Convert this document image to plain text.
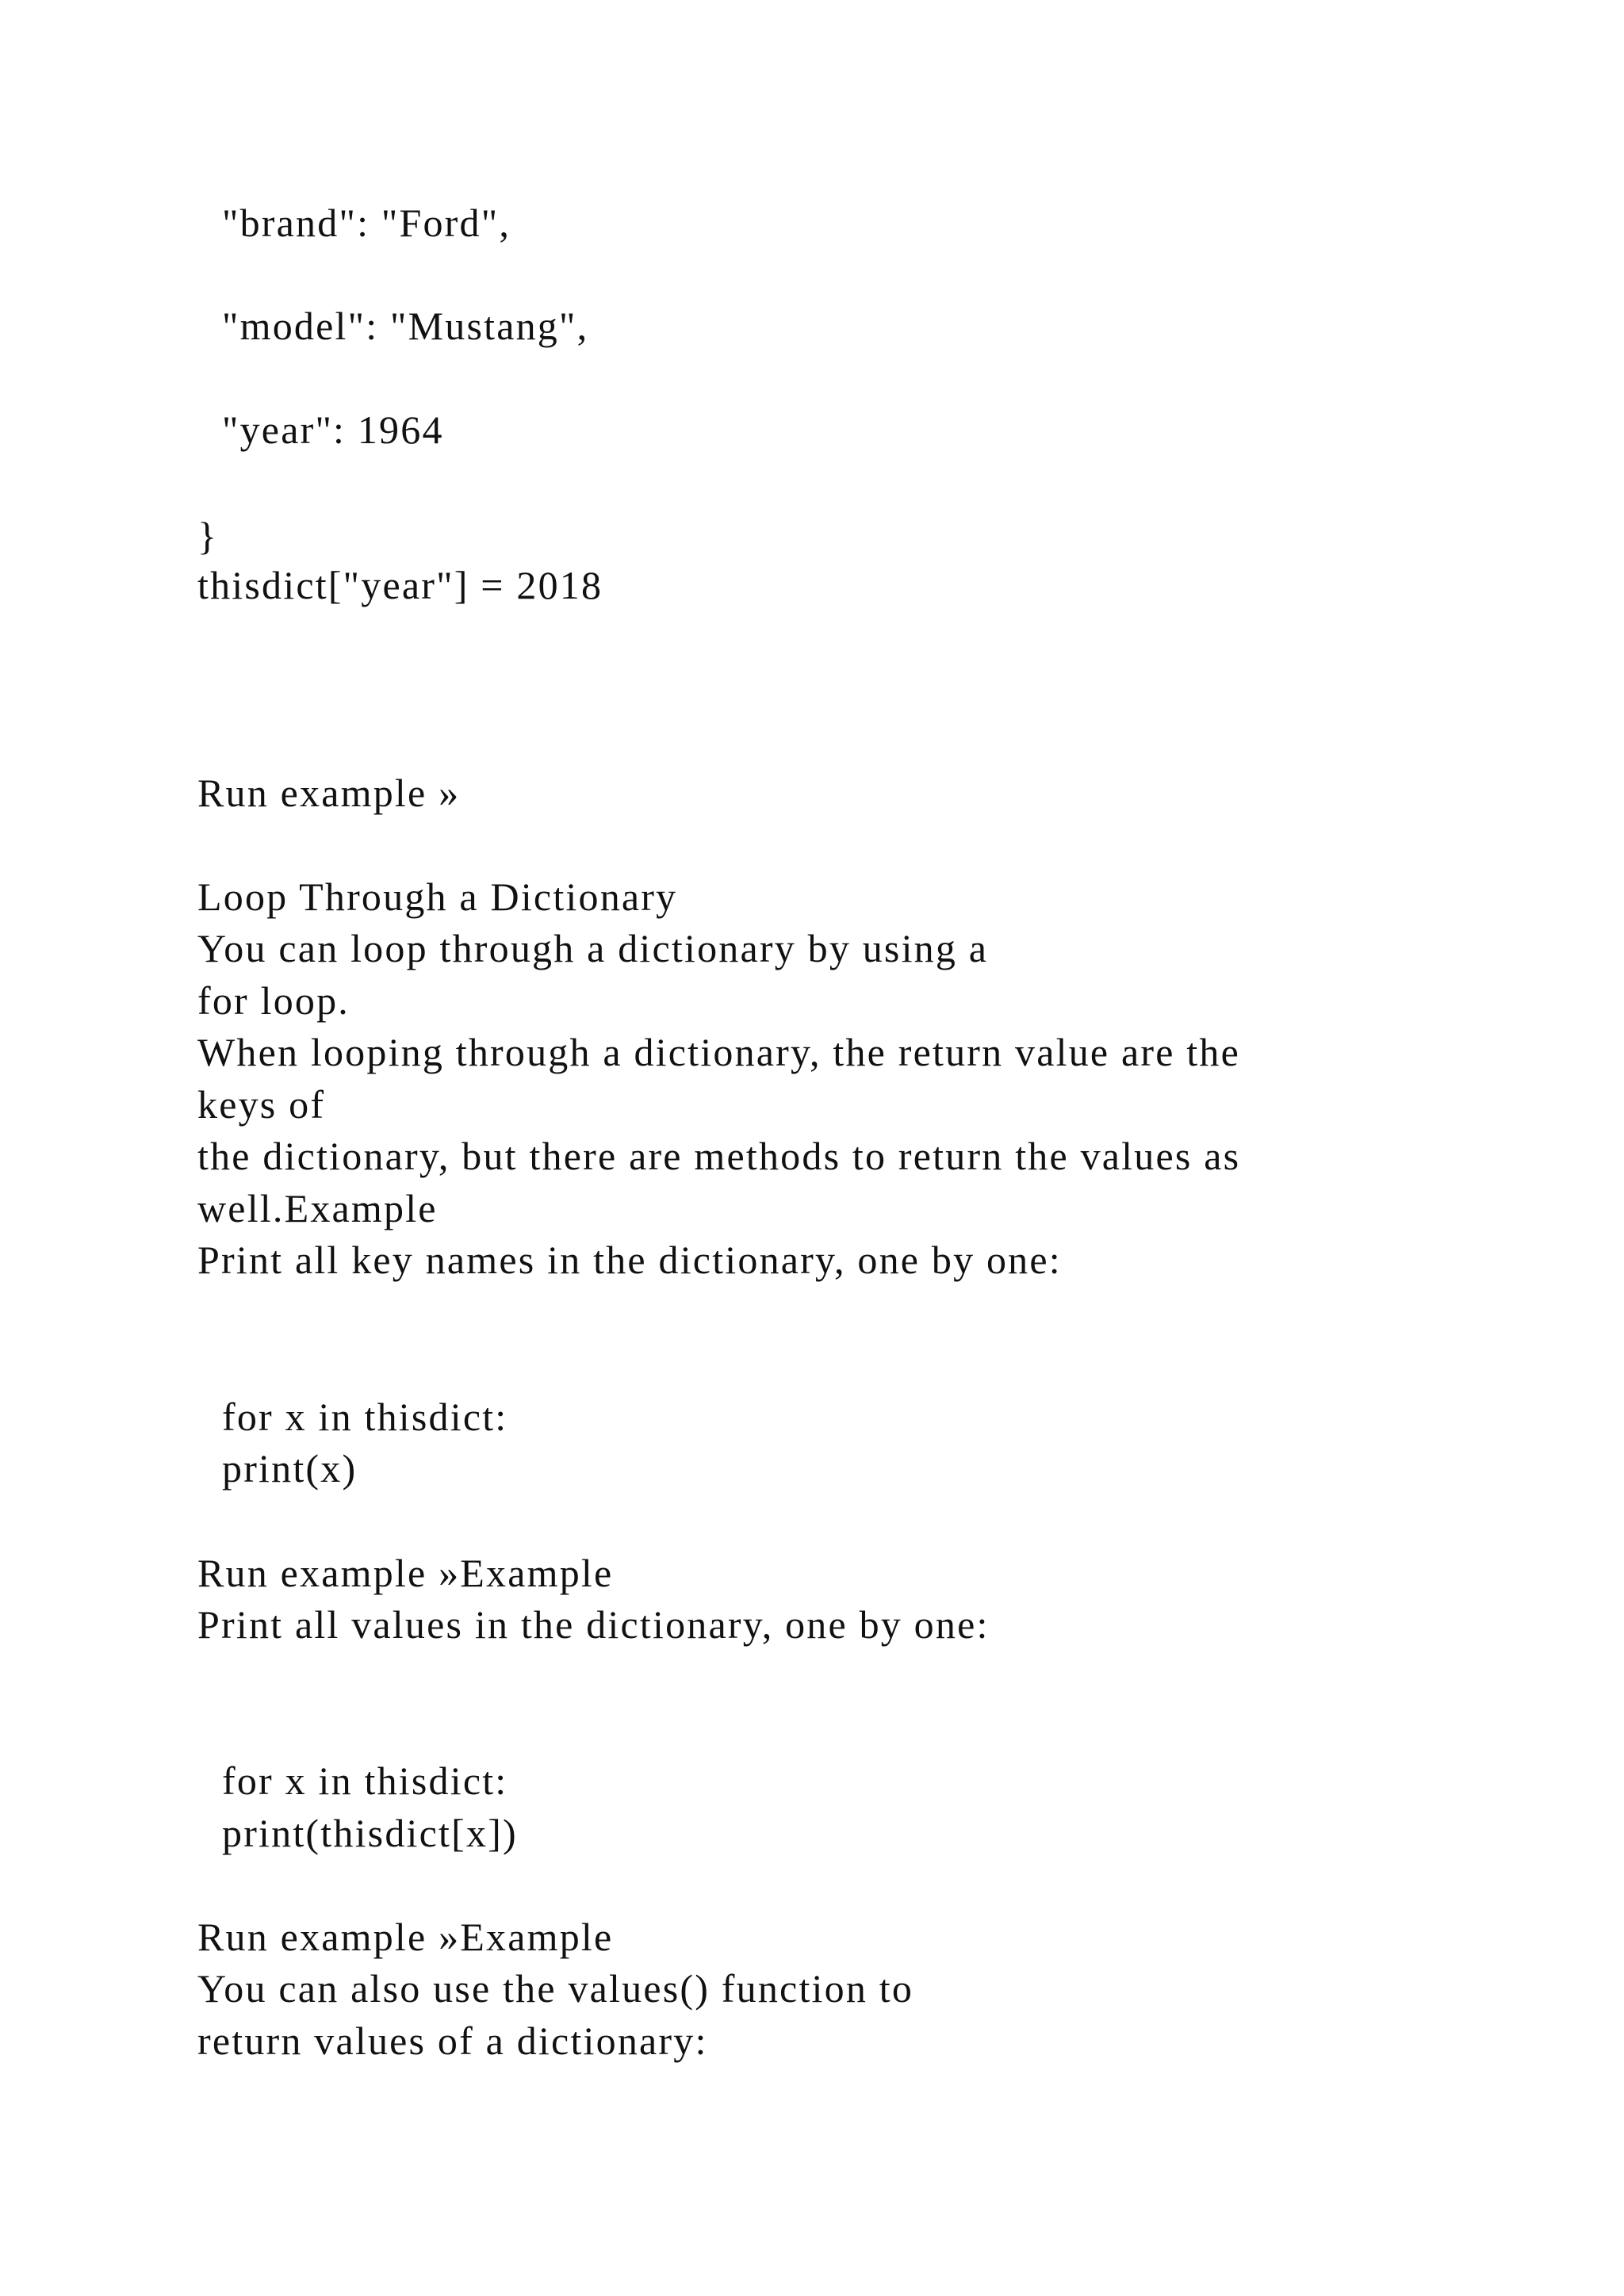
"brand": "Ford",
"model": "Mustang",
"year": 1964
}
thisdict["year"] = 2018
Run example »
Loop Through a Dictionary
You can loop through a dictionary by using a
for loop.
When looping through a dictionary, the return value are the
keys of
the dictionary, but there are methods to return the values as
well.Example
Print all key names in the dictionary, one by one:
for x in thisdict:
print(x)
Run example »Example
Print all values in the dictionary, one by one:
for x in thisdict:
print(thisdict[x])
Run example »Example
You can also use the values() function to
return values of a dictionary:
